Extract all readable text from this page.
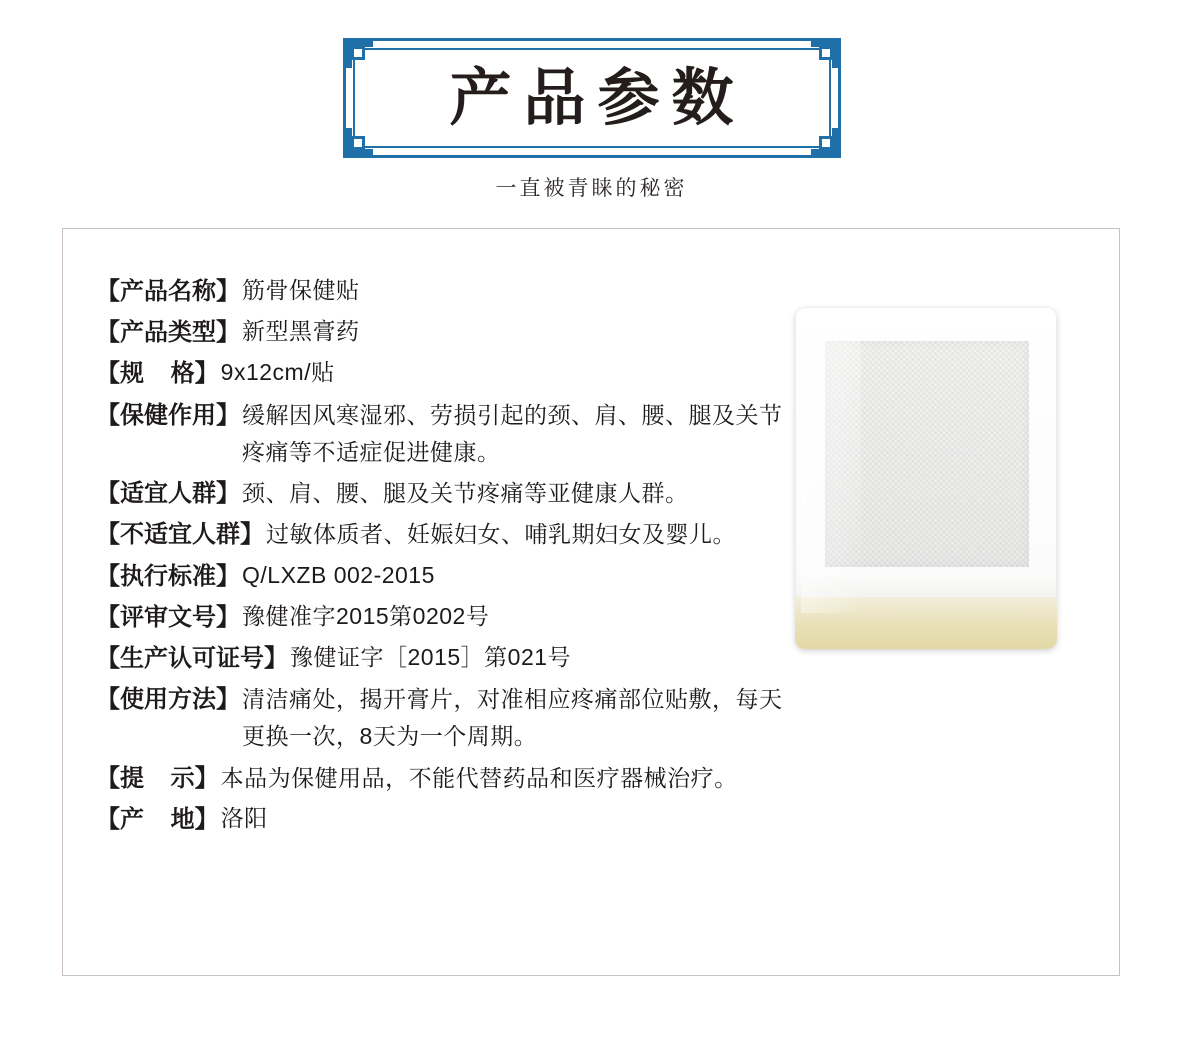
产品参数
一直被青睐的秘密
【产品名称】 筋骨保健贴
【产品类型】 新型黑膏药
【规    格】 9x12cm/贴
【保健作用】 缓解因风寒湿邪、劳损引起的颈、肩、腰、腿及关节疼痛等不适症促进健康。
【适宜人群】 颈、肩、腰、腿及关节疼痛等亚健康人群。
【不适宜人群】 过敏体质者、妊娠妇女、哺乳期妇女及婴儿。
【执行标准】 Q/LXZB 002-2015
【评审文号】 豫健准字2015第0202号
【生产认可证号】 豫健证字［2015］第021号
【使用方法】 清洁痛处，揭开膏片，对准相应疼痛部位贴敷，每天更换一次，8天为一个周期。
【提    示】 本品为保健用品，不能代替药品和医疗器械治疗。
【产    地】 洛阳
